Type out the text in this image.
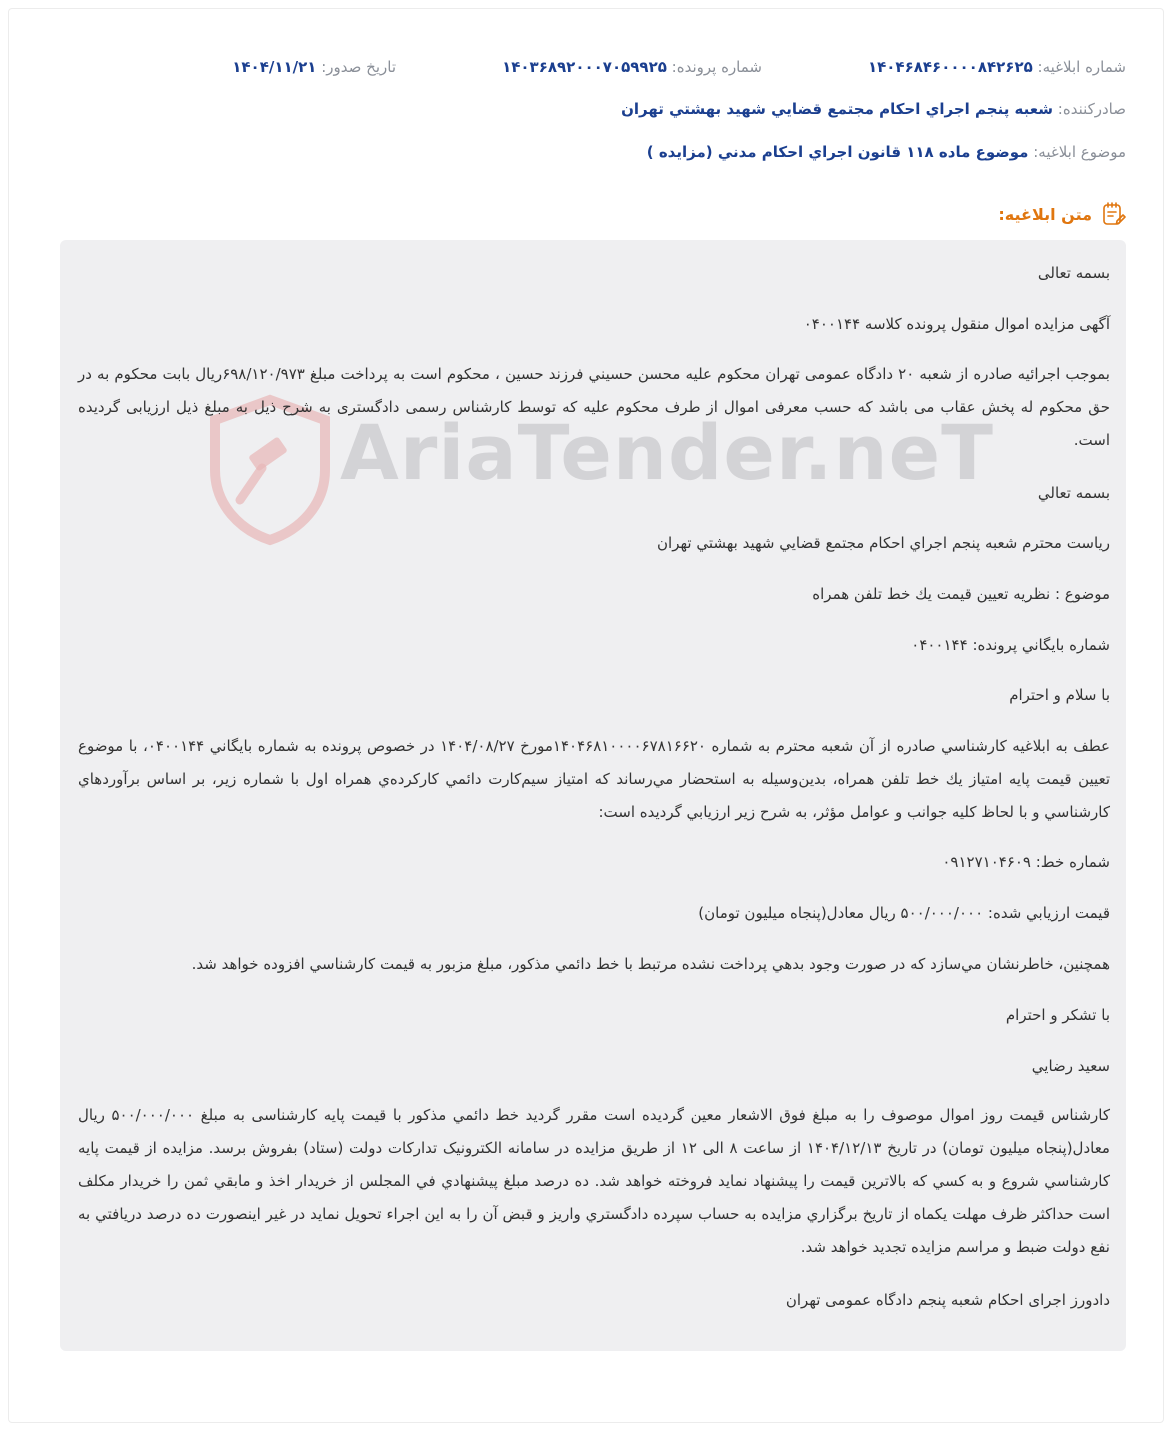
شماره ابلاغيه: ۱۴۰۴۶۸۴۶۰۰۰۰۸۴۲۶۲۵
شماره پرونده: ۱۴۰۳۶۸۹۲۰۰۰۷۰۵۹۹۲۵
تاريخ صدور: ۱۴۰۴/۱۱/۲۱
صادرکننده: شعبه پنجم اجراي احكام مجتمع قضايي شهيد بهشتي تهران
موضوع ابلاغيه: موضوع ماده ۱۱۸ قانون اجراي احكام مدني (مزايده )
متن ابلاغيه:
AriaTender.neT
بسمه تعالی
آگهی مزایده اموال منقول پرونده کلاسه ۰۴۰۰۱۴۴
بموجب اجرائیه صادره از شعبه ۲۰ دادگاه عمومی تهران محکوم علیه محسن حسيني فرزند حسين ، محکوم است به پرداخت مبلغ ۶۹۸/۱۲۰/۹۷۳ریال بابت محکوم به در حق محکوم له پخش عقاب می باشد که حسب معرفی اموال از طرف محکوم علیه که توسط کارشناس رسمی دادگستری به شرح ذیل به مبلغ ذیل ارزیابی گردیده است.
بسمه تعالي
رياست محترم شعبه پنجم اجراي احكام مجتمع قضايي شهيد بهشتي تهران
موضوع : نظريه تعيين قيمت يك خط تلفن همراه
شماره بايگاني پرونده: ۰۴۰۰۱۴۴
با سلام و احترام
عطف به ابلاغيه كارشناسي صادره از آن شعبه محترم به شماره ۱۴۰۴۶۸۱۰۰۰۰۶۷۸۱۶۶۲۰مورخ ۱۴۰۴/۰۸/۲۷ در خصوص پرونده به شماره بايگاني ۰۴۰۰۱۴۴، با موضوع تعيين قيمت پايه امتياز يك خط تلفن همراه، بدين‌وسيله به استحضار مي‌رساند كه امتياز سيم‌كارت دائمي كاركرده‌ي همراه اول با شماره زير، بر اساس برآوردهاي كارشناسي و با لحاظ كليه جوانب و عوامل مؤثر، به شرح زير ارزيابي گرديده است:
شماره خط: ۰۹۱۲۷۱۰۴۶۰۹
قيمت ارزيابي شده: ۵۰۰/۰۰۰/۰۰۰ ريال معادل(پنجاه ميليون تومان)
همچنين، خاطرنشان مي‌سازد كه در صورت وجود بدهي پرداخت نشده مرتبط با خط دائمي مذكور، مبلغ مزبور به قيمت كارشناسي افزوده خواهد شد.
با تشكر و احترام
سعيد رضايي
کارشناس قیمت روز اموال موصوف را به مبلغ فوق الاشعار معین گردیده است مقرر گردید خط دائمي مذكور با قیمت پایه کارشناسی به مبلغ ۵۰۰/۰۰۰/۰۰۰ ريال معادل(پنجاه ميليون تومان) در تاریخ ۱۴۰۴/۱۲/۱۳ از ساعت ۸ الی ۱۲ از طریق مزایده در سامانه الکترونیک تدارکات دولت (ستاد) بفروش برسد. مزايده از قيمت پايه كارشناسي شروع و به كسي كه بالاترين قيمت را پيشنهاد نمايد فروخته خواهد شد. ده درصد مبلغ پيشنهادي في المجلس از خريدار اخذ و مابقي ثمن را خريدار مكلف است حداكثر ظرف مهلت يكماه از تاريخ برگزاري مزايده به حساب سپرده دادگستري واريز و قبض آن را به این اجراء تحويل نمايد در غير اينصورت ده درصد دريافتي به نفع دولت ضبط و مراسم مزايده تجديد خواهد شد.
دادورز اجرای احکام شعبه پنجم دادگاه عمومی تهران
